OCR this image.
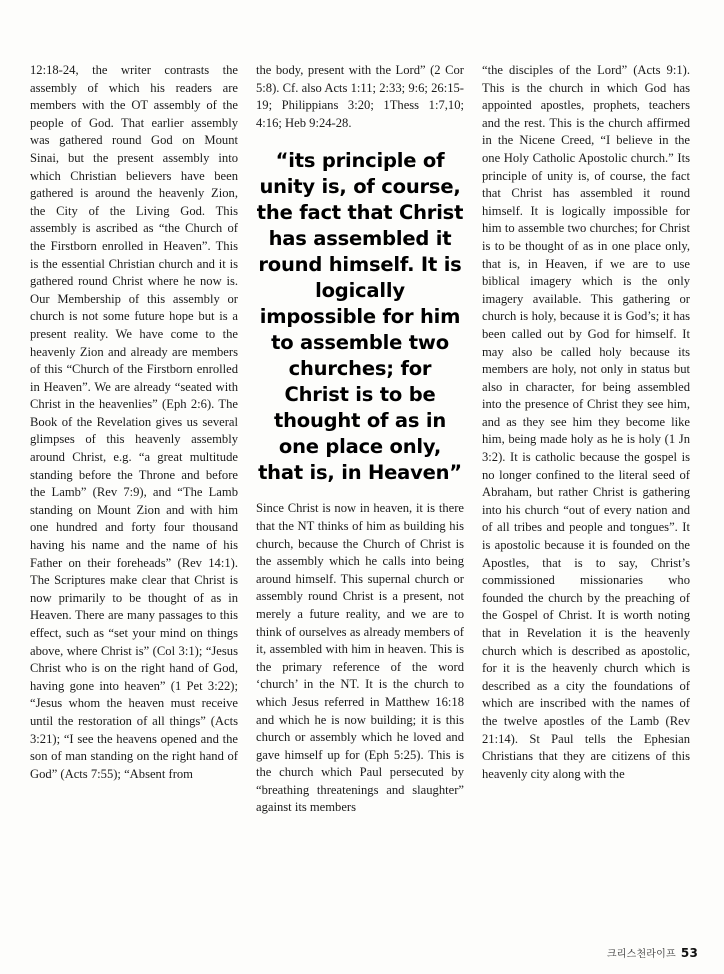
12:18-24, the writer contrasts the assembly of which his readers are members with the OT assembly of the people of God. That earlier assembly was gathered round God on Mount Sinai, but the present assembly into which Christian believers have been gathered is around the heavenly Zion, the City of the Living God. This assembly is ascribed as “the Church of the Firstborn enrolled in Heaven”. This is the essential Christian church and it is gathered round Christ where he now is. Our Membership of this assembly or church is not some future hope but is a present reality. We have come to the heavenly Zion and already are members of this “Church of the Firstborn enrolled in Heaven”. We are already “seated with Christ in the heavenlies” (Eph 2:6). The Book of the Revelation gives us several glimpses of this heavenly assembly around Christ, e.g. “a great multitude standing before the Throne and before the Lamb” (Rev 7:9), and “The Lamb standing on Mount Zion and with him one hundred and forty four thousand having his name and the name of his Father on their foreheads” (Rev 14:1). The Scriptures make clear that Christ is now primarily to be thought of as in Heaven. There are many passages to this effect, such as “set your mind on things above, where Christ is” (Col 3:1); “Jesus Christ who is on the right hand of God, having gone into heaven” (1 Pet 3:22); “Jesus whom the heaven must receive until the restoration of all things” (Acts 3:21); “I see the heavens opened and the son of man standing on the right hand of God” (Acts 7:55); “Absent from

the body, present with the Lord” (2 Cor 5:8). Cf. also Acts 1:11; 2:33; 9:6; 26:15-19; Philippians 3:20; 1Thess 1:7,10; 4:16; Heb 9:24-28.

“its principle of unity is, of course, the fact that Christ has assembled it round himself. It is logically impossible for him to assemble two churches; for Christ is to be thought of as in one place only, that is, in Heaven”

Since Christ is now in heaven, it is there that the NT thinks of him as building his church, because the Church of Christ is the assembly which he calls into being around himself. This supernal church or assembly round Christ is a present, not merely a future reality, and we are to think of ourselves as already members of it, assembled with him in heaven. This is the primary reference of the word ‘church’ in the NT. It is the church to which Jesus referred in Matthew 16:18 and which he is now building; it is this church or assembly which he loved and gave himself up for (Eph 5:25). This is the church which Paul persecuted by “breathing threatenings and slaughter” against its members

“the disciples of the Lord” (Acts 9:1). This is the church in which God has appointed apostles, prophets, teachers and the rest. This is the church affirmed in the Nicene Creed, “I believe in the one Holy Catholic Apostolic church.” Its principle of unity is, of course, the fact that Christ has assembled it round himself. It is logically impossible for him to assemble two churches; for Christ is to be thought of as in one place only, that is, in Heaven, if we are to use biblical imagery which is the only imagery available. This gathering or church is holy, because it is God’s; it has been called out by God for himself. It may also be called holy because its members are holy, not only in status but also in character, for being assembled into the presence of Christ they see him, and as they see him they become like him, being made holy as he is holy (1 Jn 3:2). It is catholic because the gospel is no longer confined to the literal seed of Abraham, but rather Christ is gathering into his church “out of every nation and of all tribes and people and tongues”. It is apostolic because it is founded on the Apostles, that is to say, Christ’s commissioned missionaries who founded the church by the preaching of the Gospel of Christ. It is worth noting that in Revelation it is the heavenly church which is described as apostolic, for it is the heavenly church which is described as a city the foundations of which are inscribed with the names of the twelve apostles of the Lamb (Rev 21:14). St Paul tells the Ephesian Christians that they are citizens of this heavenly city along with the

크리스천라이프 53
